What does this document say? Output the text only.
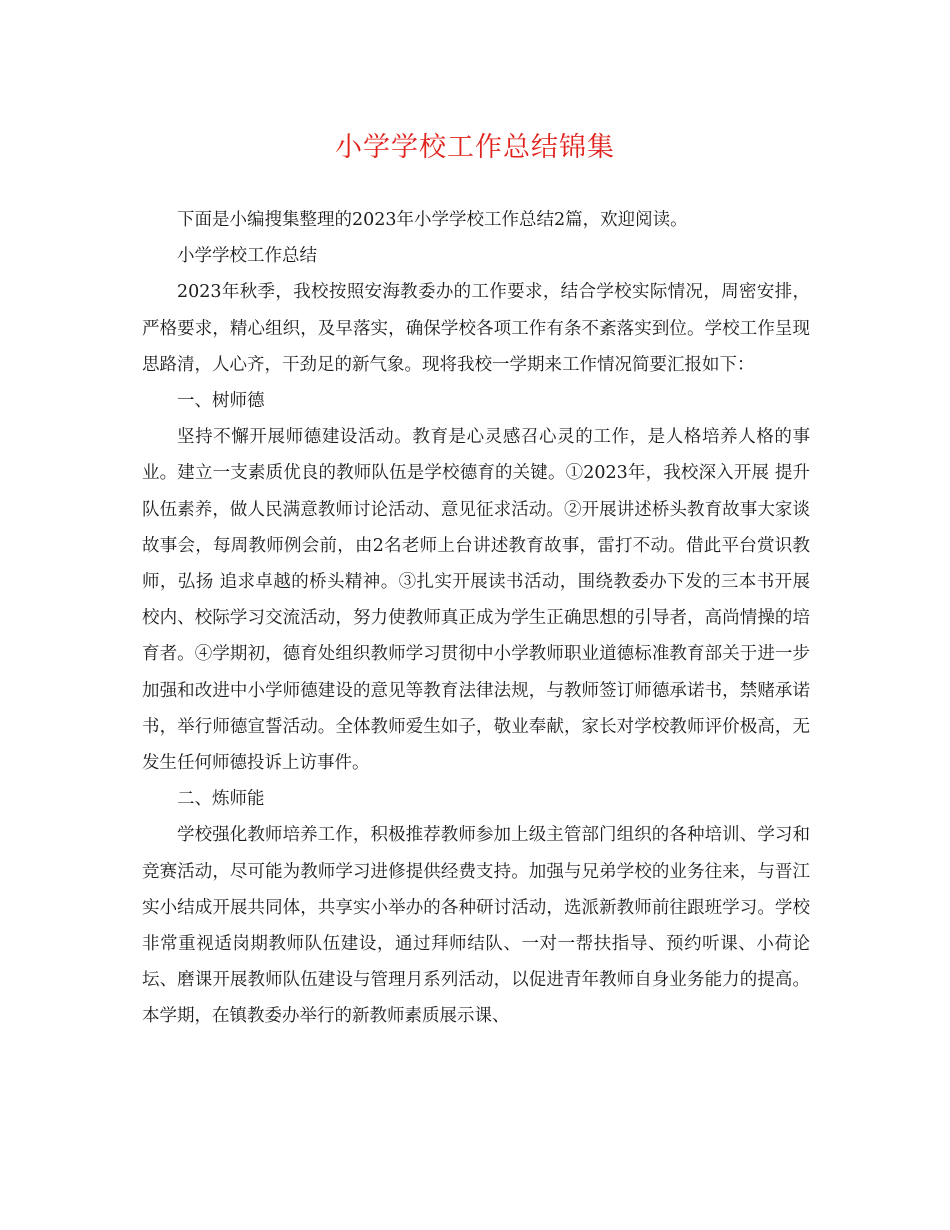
小学学校工作总结锦集

下面是小编搜集整理的2023年小学学校工作总结2篇，欢迎阅读。

小学学校工作总结

2023年秋季，我校按照安海教委办的工作要求，结合学校实际情况，周密安排，严格要求，精心组织，及早落实，确保学校各项工作有条不紊落实到位。学校工作呈现思路清，人心齐，干劲足的新气象。现将我校一学期来工作情况简要汇报如下：

一、树师德

坚持不懈开展师德建设活动。教育是心灵感召心灵的工作，是人格培养人格的事业。建立一支素质优良的教师队伍是学校德育的关键。①2023年，我校深入开展 提升队伍素养，做人民满意教师讨论活动、意见征求活动。②开展讲述桥头教育故事大家谈故事会，每周教师例会前，由2名老师上台讲述教育故事，雷打不动。借此平台赏识教师，弘扬 追求卓越的桥头精神。③扎实开展读书活动，围绕教委办下发的三本书开展校内、校际学习交流活动，努力使教师真正成为学生正确思想的引导者，高尚情操的培育者。④学期初，德育处组织教师学习贯彻中小学教师职业道德标准教育部关于进一步加强和改进中小学师德建设的意见等教育法律法规，与教师签订师德承诺书，禁赌承诺书，举行师德宣誓活动。全体教师爱生如子，敬业奉献，家长对学校教师评价极高，无发生任何师德投诉上访事件。

二、炼师能

学校强化教师培养工作，积极推荐教师参加上级主管部门组织的各种培训、学习和竞赛活动，尽可能为教师学习进修提供经费支持。加强与兄弟学校的业务往来，与晋江实小结成开展共同体，共享实小举办的各种研讨活动，选派新教师前往跟班学习。学校非常重视适岗期教师队伍建设，通过拜师结队、一对一帮扶指导、预约听课、小荷论坛、磨课开展教师队伍建设与管理月系列活动，以促进青年教师自身业务能力的提高。本学期，在镇教委办举行的新教师素质展示课、
